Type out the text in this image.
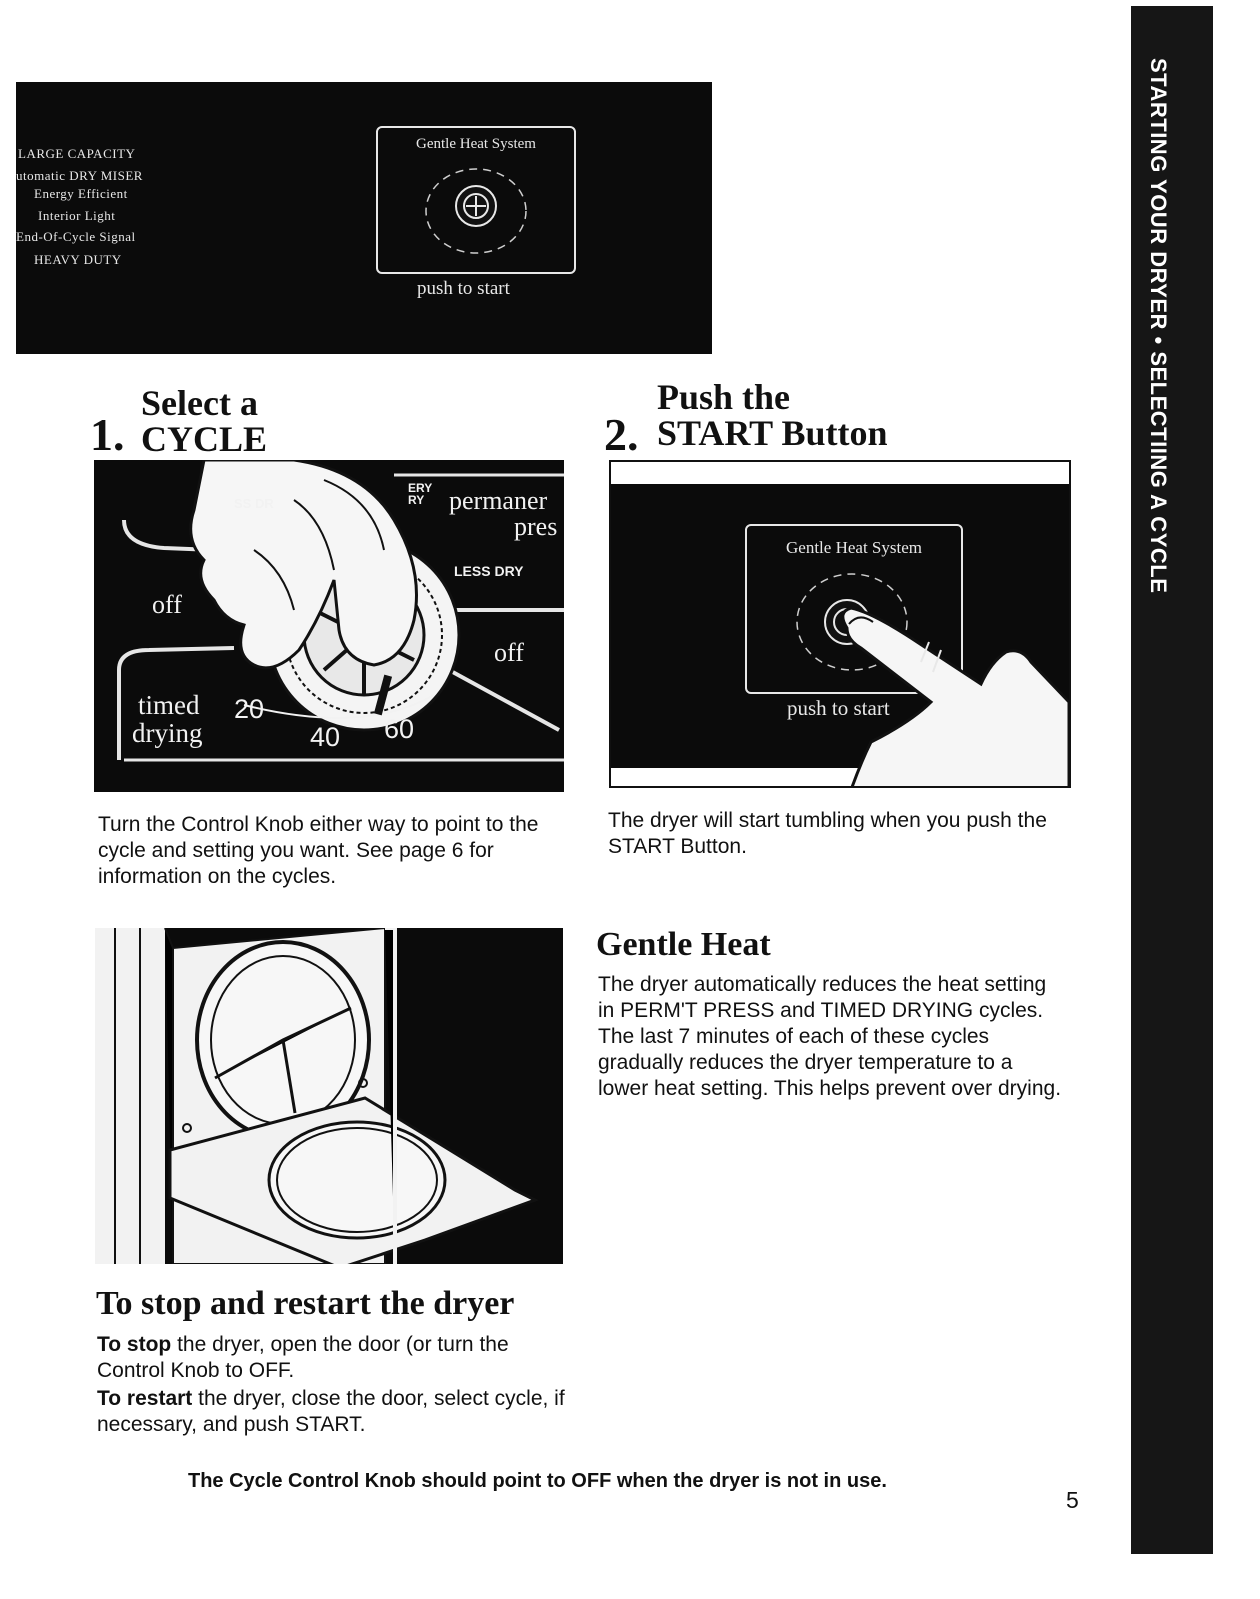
STARTING YOUR DRYER • SELECTIING A CYCLE
LARGE CAPACITY
utomatic DRY MISER
Energy Efficient
Interior Light
End-Of-Cycle Signal
HEAVY DUTY
Gentle Heat System
push to start
1.
Select a
CYCLE
SS DR
ERY RY permaner
pres
LESS DRY
off
off
timed
drying
20
40 60
Turn the Control Knob either way to point to the cycle and setting you want. See page 6 for information on the cycles.
2.
Push the
START Button
Gentle Heat System
push to start
The dryer will start tumbling when you push the START Button.
Gentle Heat
The dryer automatically reduces the heat setting in PERM'T PRESS and TIMED DRYING cycles. The last 7 minutes of each of these cycles gradually reduces the dryer temperature to a lower heat setting. This helps prevent over drying.
To stop and restart the dryer
To stop the dryer, open the door (or turn the Control Knob to OFF.
To restart the dryer, close the door, select cycle, if necessary, and push START.
The Cycle Control Knob should point to OFF when the dryer is not in use.
5
